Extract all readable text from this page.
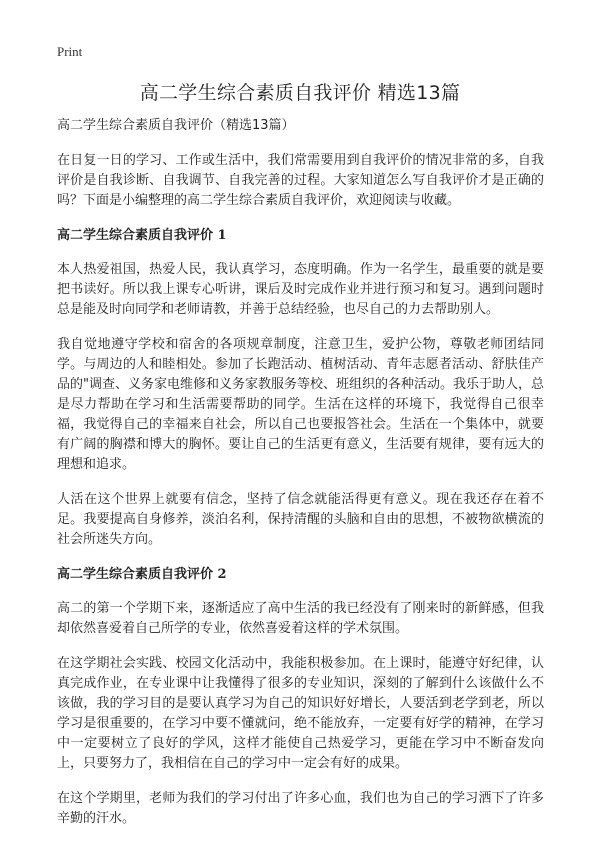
Print
高二学生综合素质自我评价 精选13篇

高二学生综合素质自我评价（精选13篇）

在日复一日的学习、工作或生活中，我们常需要用到自我评价的情况非常的多，自我评价是自我诊断、自我调节、自我完善的过程。大家知道怎么写自我评价才是正确的吗？下面是小编整理的高二学生综合素质自我评价，欢迎阅读与收藏。

高二学生综合素质自我评价 1

本人热爱祖国，热爱人民，我认真学习，态度明确。作为一名学生，最重要的就是要把书读好。所以我上课专心听讲，课后及时完成作业并进行预习和复习。遇到问题时总是能及时向同学和老师请教，并善于总结经验，也尽自己的力去帮助别人。

我自觉地遵守学校和宿舍的各项规章制度，注意卫生，爱护公物，尊敬老师团结同学。与周边的人和睦相处。参加了长跑活动、植树活动、青年志愿者活动、舒肤佳产品的"调查、义务家电维修和义务家教服务等校、班组织的各种活动。我乐于助人，总是尽力帮助在学习和生活需要帮助的同学。生活在这样的环境下，我觉得自己很幸福，我觉得自己的幸福来自社会，所以自己也要报答社会。生活在一个集体中，就要有广阔的胸襟和博大的胸怀。要让自己的生活更有意义，生活要有规律，要有远大的理想和追求。

人活在这个世界上就要有信念，坚持了信念就能活得更有意义。现在我还存在着不足。我要提高自身修养，淡泊名利，保持清醒的头脑和自由的思想，不被物欲横流的社会所迷失方向。

高二学生综合素质自我评价 2

高二的第一个学期下来，逐渐适应了高中生活的我已经没有了刚来时的新鲜感，但我却依然喜爱着自己所学的专业，依然喜爱着这样的学术氛围。

在这学期社会实践、校园文化活动中，我能积极参加。在上课时，能遵守好纪律，认真完成作业，在专业课中让我懂得了很多的专业知识，深刻的了解到什么该做什么不该做，我的学习目的是要认真学习为自己的知识好好增长，人要活到老学到老，所以学习是很重要的，在学习中要不懂就问，绝不能放弃，一定要有好学的精神，在学习中一定要树立了良好的学风，这样才能使自己热爱学习，更能在学习中不断奋发向上，只要努力了，我相信在自己的学习中一定会有好的成果。

在这个学期里，老师为我们的学习付出了许多心血，我们也为自己的学习洒下了许多辛勤的汗水。
